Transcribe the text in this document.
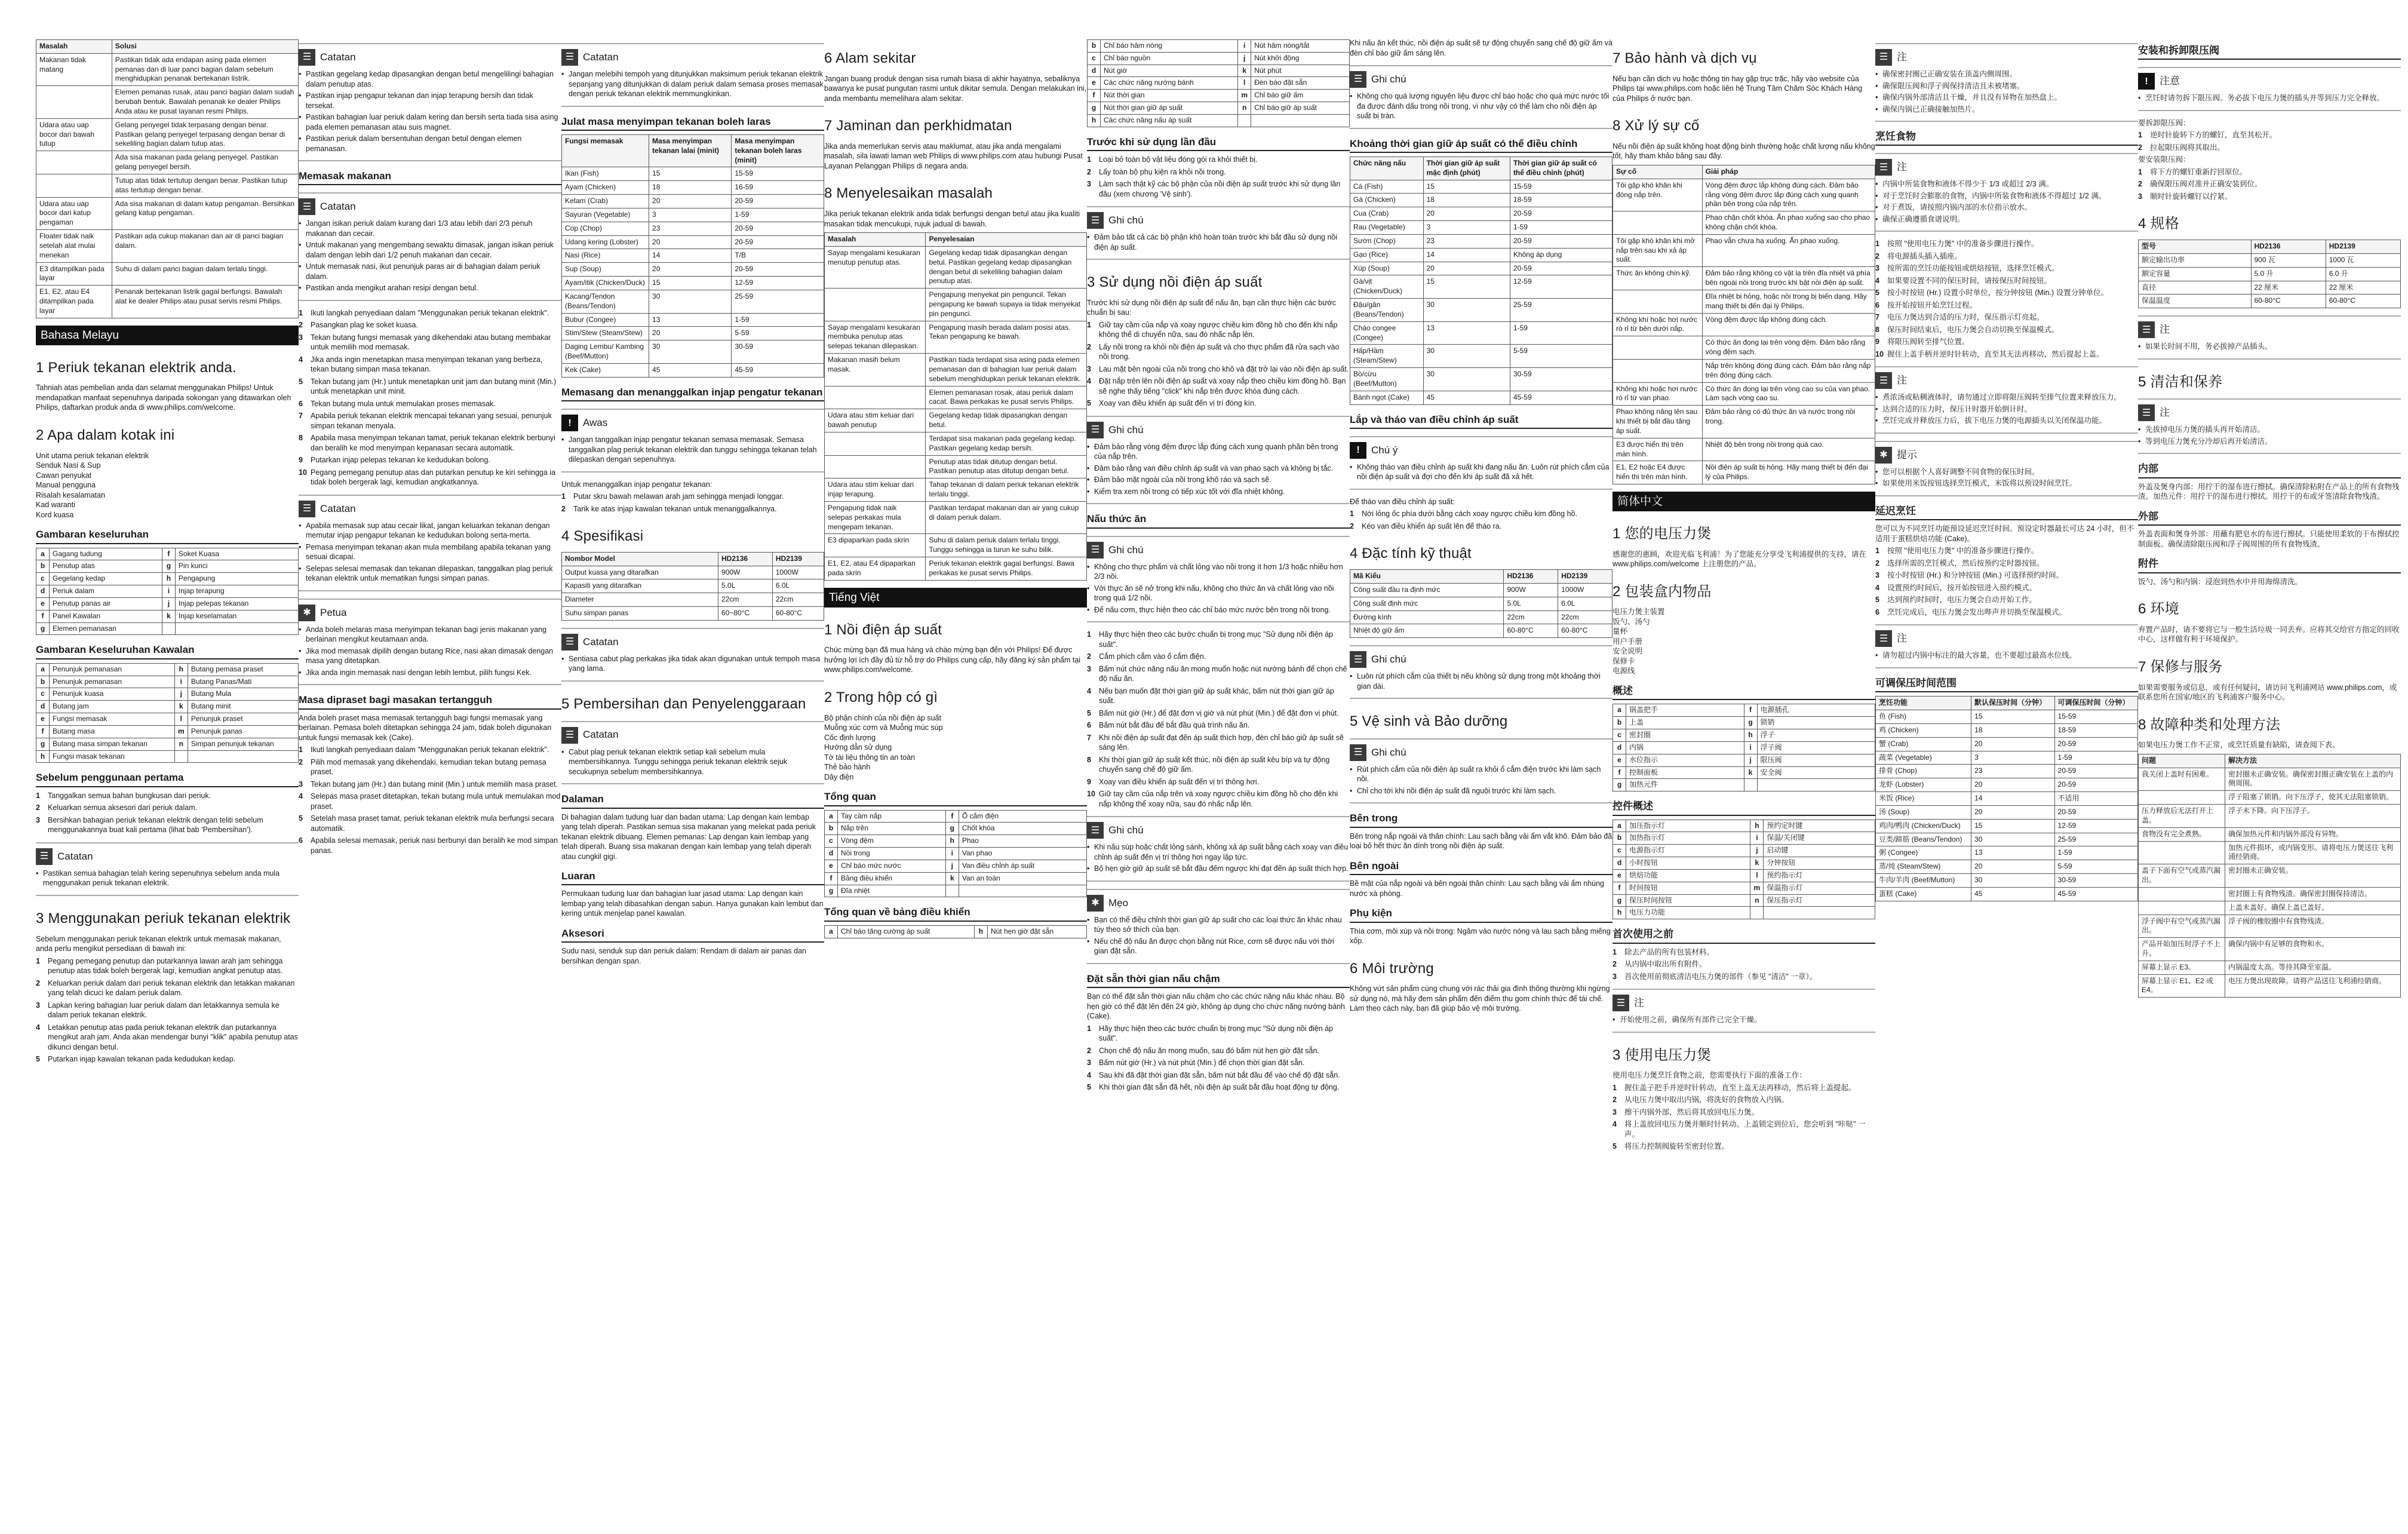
Masalah	Solusi
Makanan tidak matang	Pastikan tidak ada endapan asing pada elemen pemanas dan di luar panci bagian dalam sebelum menghidupkan penanak bertekanan listrik.
	Elemen pemanas rusak, atau panci bagian dalam sudah berubah bentuk. Bawalah penanak ke dealer Philips Anda atau ke pusat layanan resmi Philips.
Udara atau uap bocor dari bawah tutup	Gelang penyegel tidak terpasang dengan benar. Pastikan gelang penyegel terpasang dengan benar di sekeliling bagian dalam tutup atas.
	Ada sisa makanan pada gelang penyegel. Pastikan gelang penyegel bersih.
	Tutup atas tidak tertutup dengan benar. Pastikan tutup atas tertutup dengan benar.
Udara atau uap bocor dari katup pengaman	Ada sisa makanan di dalam katup pengaman. Bersihkan gelang katup pengaman.
Floater tidak naik setelah alat mulai menekan	Pastikan ada cukup makanan dan air di panci bagian dalam.
E3 ditampilkan pada layar	Suhu di dalam panci bagian dalam terlalu tinggi.
E1, E2, atau E4 ditampilkan pada layar	Penanak bertekanan listrik gagal berfungsi. Bawalah alat ke dealer Philips atau pusat servis resmi Philips.
Bahasa Melayu
1 Periuk tekanan elektrik anda.

Tahniah atas pembelian anda dan selamat menggunakan Philips! Untuk mendapatkan manfaat sepenuhnya daripada sokongan yang ditawarkan oleh Philips, daftarkan produk anda di www.philips.com/welcome.

2 Apa dalam kotak ini
Unit utama periuk tekanan elektrik
Senduk Nasi & Sup
Cawan penyukat
Manual pengguna
Risalah kesalamatan
Kad waranti
Kord kuasa
Gambaran keseluruhan
a	Gagang tudung	f	Soket Kuasa
b	Penutup atas	g	Pin kunci
c	Gegelang kedap	h	Pengapung
d	Periuk dalam	i	Injap terapung
e	Penutup panas air	j	Injap pelepas tekanan
f	Panel Kawalan	k	Injap keselamatan
g	Elemen pemanasan		
Gambaran Keseluruhan Kawalan
a	Penunjuk pemanasan	h	Butang pemasa praset
b	Penunjuk pemanasan	i	Butang Panas/Mati
c	Penunjuk kuasa	j	Butang Mula
d	Butang jam	k	Butang minit
e	Fungsi memasak	l	Penunjuk praset
f	Butang masa	m	Penunjuk panas
g	Butang masa simpan tekanan	n	Simpan penunjuk tekanan
h	Fungsi masak tekanan		
Sebelum penggunaan pertama
1 Tanggalkan semua bahan bungkusan dari periuk.
2 Keluarkan semua aksesori dari periuk dalam.
3 Bersihkan bahagian periuk tekanan elektrik dengan teliti sebelum menggunakannya buat kali pertama (lihat bab 'Pembersihan').
☰ Catatan
• Pastikan semua bahagian telah kering sepenuhnya sebelum anda mula menggunakan periuk tekanan elektrik.
3 Menggunakan periuk tekanan elektrik

Sebelum menggunakan periuk tekanan elektrik untuk memasak makanan, anda perlu mengikut persediaan di bawah ini:

1 Pegang pemegang penutup dan putarkannya lawan arah jam sehingga penutup atas tidak boleh bergerak lagi, kemudian angkat penutup atas.
2 Keluarkan periuk dalam dari periuk tekanan elektrik dan letakkan makanan yang telah dicuci ke dalam periuk dalam.
3 Lapkan kering bahagian luar periuk dalam dan letakkannya semula ke dalam periuk tekanan elektrik.
4 Letakkan penutup atas pada periuk tekanan elektrik dan putarkannya mengikut arah jam. Anda akan mendengar bunyi "klik" apabila penutup atas dikunci dengan betul.
5 Putarkan injap kawalan tekanan pada kedudukan kedap.
☰ Catatan
• Pastikan gegelang kedap dipasangkan dengan betul mengelilingi bahagian dalam penutup atas.
• Pastikan injap pengapur tekanan dan injap terapung bersih dan tidak tersekat.
• Pastikan bahagian luar periuk dalam kering dan bersih serta tiada sisa asing pada elemen pemanasan atau suis magnet.
• Pastikan periuk dalam bersentuhan dengan betul dengan elemen pemanasan.
Memasak makanan
☰ Catatan
• Jangan isikan periuk dalam kurang dari 1/3 atau lebih dari 2/3 penuh makanan dan cecair.
• Untuk makanan yang mengembang sewaktu dimasak, jangan isikan periuk dalam dengan lebih dari 1/2 penuh makanan dan cecair.
• Untuk memasak nasi, ikut penunjuk paras air di bahagian dalam periuk dalam.
• Pastikan anda mengikut arahan resipi dengan betul.
1 Ikuti langkah penyediaan dalam "Menggunakan periuk tekanan elektrik".
2 Pasangkan plag ke soket kuasa.
3 Tekan butang fungsi memasak yang dikehendaki atau butang membakar untuk memilih mod memasak.
4 Jika anda ingin menetapkan masa menyimpan tekanan yang berbeza, tekan butang simpan masa tekanan.
5 Tekan butang jam (Hr.) untuk menetapkan unit jam dan butang minit (Min.) untuk menetapkan unit minit.
6 Tekan butang mula untuk memulakan proses memasak.
7 Apabila periuk tekanan elektrik mencapai tekanan yang sesuai, penunjuk simpan tekanan menyala.
8 Apabila masa menyimpan tekanan tamat, periuk tekanan elektrik berbunyi dan beralih ke mod menyimpan kepanasan secara automatik.
9 Putarkan injap pelepas tekanan ke kedudukan bolong.
10 Pegang pemegang penutup atas dan putarkan penutup ke kiri sehingga ia tidak boleh bergerak lagi, kemudian angkatkannya.
☰ Catatan
• Apabila memasak sup atau cecair likat, jangan keluarkan tekanan dengan memutar injap pengapur tekanan ke kedudukan bolong serta-merta.
• Pemasa menyimpan tekanan akan mula membilang apabila tekanan yang sesuai dicapai.
• Selepas selesai memasak dan tekanan dilepaskan, tanggalkan plag periuk tekanan elektrik untuk mematikan fungsi simpan panas.
✱ Petua
• Anda boleh melaras masa menyimpan tekanan bagi jenis makanan yang berlainan mengikut keutamaan anda.
• Jika mod memasak dipilih dengan butang Rice, nasi akan dimasak dengan masa yang ditetapkan.
• Jika anda ingin memasak nasi dengan lebih lembut, pilih fungsi Kek.
Masa dipraset bagi masakan tertangguh

Anda boleh praset masa memasak tertangguh bagi fungsi memasak yang berlainan. Pemasa boleh ditetapkan sehingga 24 jam, tidak boleh digunakan untuk fungsi memasak kek (Cake).

1 Ikuti langkah penyediaan dalam "Menggunakan periuk tekanan elektrik".
2 Pilih mod memasak yang dikehendaki, kemudian tekan butang pemasa praset.
3 Tekan butang jam (Hr.) dan butang minit (Min.) untuk memilih masa praset.
4 Selepas masa praset ditetapkan, tekan butang mula untuk memulakan mod praset.
5 Setelah masa praset tamat, periuk tekanan elektrik mula berfungsi secara automatik.
6 Apabila selesai memasak, periuk nasi berbunyi dan beralih ke mod simpan panas.
☰ Catatan
• Jangan melebihi tempoh yang ditunjukkan maksimum periuk tekanan elektrik sepanjang yang ditunjukkan di dalam periuk dalam semasa proses memasak dengan periuk tekanan elektrik memmungkinkan.
Julat masa menyimpan tekanan boleh laras
Fungsi memasak	Masa menyimpan tekanan lalai (minit)	Masa menyimpan tekanan boleh laras (minit)
Ikan (Fish)	15	15-59
Ayam (Chicken)	18	16-59
Ketam (Crab)	20	20-59
Sayuran (Vegetable)	3	1-59
Cop (Chop)	23	20-59
Udang kering (Lobster)	20	20-59
Nasi (Rice)	14	T/B
Sup (Soup)	20	20-59
Ayam/itik (Chicken/Duck)	15	12-59
Kacang/Tendon (Beans/Tendon)	30	25-59
Bubur (Congee)	13	1-59
Stim/Stew (Steam/Stew)	20	5-59
Daging Lembu/ Kambing (Beef/Mutton)	30	30-59
Kek (Cake)	45	45-59
Memasang dan menanggalkan injap pengatur tekanan
!	Awas
• Jangan tanggalkan injap pengatur tekanan semasa memasak. Semasa tanggalkan plag periuk tekanan elektrik dan tunggu sehingga tekanan telah dilepaskan dengan sepenuhnya.

Untuk menanggalkan injap pengatur tekanan:

1 Putar skru bawah melawan arah jam sehingga menjadi longgar.
2 Tarik ke atas injap kawalan tekanan untuk menanggalkannya.
4 Spesifikasi
Nombor Model	HD2136	HD2139
Output kuasa yang ditarafkan	900W	1000W
Kapasiti yang ditarafkan	5.0L	6.0L
Diameter	22cm	22cm
Suhu simpan panas	60~80°C	60-80°C
☰ Catatan
• Sentiasa cabut plag perkakas jika tidak akan digunakan untuk tempoh masa yang lama.
5 Pembersihan dan Penyelenggaraan
☰ Catatan
• Cabut plag periuk tekanan elektrik setiap kali sebelum mula membersihkannya. Tunggu sehingga periuk tekanan elektrik sejuk secukupnya sebelum membersihkannya.
Dalaman

Di bahagian dalam tudung luar dan badan utama: Lap dengan kain lembap yang telah diperah. Pastikan semua sisa makanan yang melekat pada periuk tekanan elektrik dibuang. Elemen pemanas: Lap dengan kain lembap yang telah diperah. Buang sisa makanan dengan kain lembap yang telah diperah atau cungkil gigi.

Luaran

Permukaan tudung luar dan bahagian luar jasad utama: Lap dengan kain lembap yang telah dibasahkan dengan sabun. Hanya gunakan kain lembut dan kering untuk menjelap panel kawalan.

Aksesori

Sudu nasi, senduk sup dan periuk dalam: Rendam di dalam air panas dan bersihkan dengan span.

6 Alam sekitar

Jangan buang produk dengan sisa rumah biasa di akhir hayatnya, sebaliknya bawanya ke pusat pungutan rasmi untuk dikitar semula. Dengan melakukan ini, anda membantu memelihara alam sekitar.

7 Jaminan dan perkhidmatan

Jika anda memerlukan servis atau maklumat, atau jika anda mengalami masalah, sila lawati laman web Philips di www.philips.com atau hubungi Pusat Layanan Pelanggan Philips di negara anda.

8 Menyelesaikan masalah

Jika periuk tekanan elektrik anda tidak berfungsi dengan betul atau jika kualiti masakan tidak mencukupi, rujuk jadual di bawah.

Masalah	Penyelesaian
Sayap mengalami kesukaran menutup penutup atas.	Gegelang kedap tidak dipasangkan dengan betul. Pastikan gegelang kedap dipasangkan dengan betul di sekeliling bahagian dalam penutup atas.
	Pengapung menyekat pin penguncil. Tekan pengapung ke bawah supaya ia tidak menyekat pin pengunci.
Sayap mengalami kesukaran membuka penutup atas selepas tekanan dilepaskan.	Pengapung masih berada dalam posisi atas. Tekan pengapung ke bawah.
Makanan masih belum masak.	Pastikan tiada terdapat sisa asing pada elemen pemanasan dan di bahagian luar periuk dalam sebelum menghidupkan periuk tekanan elektrik.
	Elemen pemanasan rosak, atau periuk dalam cacat. Bawa perkakas ke pusat servis Philips.
Udara atau stim keluar dari bawah penutup	Gegelang kedap tidak dipasangkan dengan betul.
	Terdapat sisa makanan pada gegelang kedap. Pastikan gegelang kedap bersih.
	Penutup atas tidak ditutup dengan betul. Pastikan penutup atas ditutup dengan betul.
Udara atau stim keluar dari injap terapung.	Tahap tekanan di dalam periuk tekanan elektrik terlalu tinggi.
Pengapung tidak naik selepas perkakas mula mengepam tekanan.	Pastikan terdapat makanan dan air yang cukup di dalam periuk dalam.
E3 dipaparkan pada skrin	Suhu di dalam periuk dalam terlalu tinggi. Tunggu sehingga ia turun ke suhu bilik.
E1, E2, atau E4 dipaparkan pada skrin	Periuk tekanan elektrik gagal berfungsi. Bawa perkakas ke pusat servis Philips.
Tiếng Việt
1 Nồi điện áp suất

Chúc mừng bạn đã mua hàng và chào mừng bạn đến với Philips! Để được hưởng lợi ích đầy đủ từ hỗ trợ do Philips cung cấp, hãy đăng ký sản phẩm tại www.philips.com/welcome.

2 Trong hộp có gì
Bộ phận chính của nồi điện áp suất
Muỗng xúc cơm và Muỗng múc súp
Cốc định lượng
Hướng dẫn sử dụng
Tờ tài liệu thông tin an toàn
Thẻ bảo hành
Dây điện
Tổng quan
a	Tay cầm nắp	f	Ổ cắm điện
b	Nắp trên	g	Chốt khóa
c	Vòng đệm	h	Phao
d	Nồi trong	i	Van phao
e	Chỉ báo mức nước	j	Van điều chỉnh áp suất
f	Bảng điều khiển	k	Van an toàn
g	Đĩa nhiệt		
Tổng quan về bảng điều khiển
a	Chỉ báo tăng cường áp suất	h	Nút hẹn giờ đặt sẵn
b	Chỉ báo hâm nóng	i	Nút hâm nóng/tắt
c	Chỉ báo nguồn	j	Nút khởi động
d	Nút giờ	k	Nút phút
e	Các chức năng nướng bánh	l	Đèn báo đặt sẵn
f	Nút thời gian	m	Chỉ báo giữ ấm
g	Nút thời gian giữ áp suất	n	Chỉ báo giữ áp suất
h	Các chức năng nấu áp suất		
Trước khi sử dụng lần đầu
1 Loại bỏ toàn bộ vật liệu đóng gói ra khỏi thiết bị.
2 Lấy toàn bộ phụ kiện ra khỏi nồi trong.
3 Làm sạch thật kỹ các bộ phận của nồi điện áp suất trước khi sử dụng lần đầu (xem chương 'Vệ sinh').
☰ Ghi chú
• Đảm bảo tất cả các bộ phận khô hoàn toàn trước khi bắt đầu sử dụng nồi điện áp suất.
3 Sử dụng nồi điện áp suất

Trước khi sử dụng nồi điện áp suất để nấu ăn, bạn cần thực hiện các bước chuẩn bị sau:

1 Giữ tay cầm của nắp và xoay ngược chiều kim đồng hồ cho đến khi nắp không thể di chuyển nữa, sau đó nhấc nắp lên.
2 Lấy nồi trong ra khỏi nồi điện áp suất và cho thực phẩm đã rửa sạch vào nồi trong.
3 Lau mặt bên ngoài của nồi trong cho khô và đặt trở lại vào nồi điện áp suất.
4 Đặt nắp trên lên nồi điện áp suất và xoay nắp theo chiều kim đồng hồ. Bạn sẽ nghe thấy tiếng "click" khi nắp trên được khóa đúng cách.
5 Xoay van điều khiển áp suất đến vị trí đóng kín.
☰ Ghi chú
• Đảm bảo rằng vòng đệm được lắp đúng cách xung quanh phần bên trong của nắp trên.
• Đảm bảo rằng van điều chỉnh áp suất và van phao sạch và không bị tắc.
• Đảm bảo mặt ngoài của nồi trong khô ráo và sạch sẽ.
• Kiểm tra xem nồi trong có tiếp xúc tốt với đĩa nhiệt không.
Nấu thức ăn
☰ Ghi chú
• Không cho thực phẩm và chất lỏng vào nồi trong ít hơn 1/3 hoặc nhiều hơn 2/3 nồi.
• Với thực ăn sẽ nở trong khi nấu, không cho thức ăn và chất lỏng vào nồi trong quá 1/2 nồi.
• Để nấu cơm, thực hiện theo các chỉ báo mức nước bên trong nồi trong.
1 Hãy thực hiện theo các bước chuẩn bị trong mục "Sử dụng nồi điện áp suất".
2 Cắm phích cắm vào ổ cắm điện.
3 Bấm nút chức năng nấu ăn mong muốn hoặc nút nướng bánh để chọn chế độ nấu ăn.
4 Nếu bạn muốn đặt thời gian giữ áp suất khác, bấm nút thời gian giữ áp suất.
5 Bấm nút giờ (Hr.) để đặt đơn vị giờ và nút phút (Min.) để đặt đơn vị phút.
6 Bấm nút bắt đầu để bắt đầu quá trình nấu ăn.
7 Khi nồi điện áp suất đạt đến áp suất thích hợp, đèn chỉ báo giữ áp suất sẽ sáng lên.
8 Khi thời gian giữ áp suất kết thúc, nồi điện áp suất kêu bíp và tự động chuyển sang chế độ giữ ấm.
9 Xoay van điều khiển áp suất đến vị trí thông hơi.
10 Giữ tay cầm của nắp trên và xoay ngược chiều kim đồng hồ cho đến khi nắp không thể xoay nữa, sau đó nhấc nắp lên.
☰ Ghi chú
• Khi nấu súp hoặc chất lỏng sánh, không xả áp suất bằng cách xoay van điều chỉnh áp suất đến vị trí thông hơi ngay lập tức.
• Bộ hẹn giờ giữ áp suất sẽ bắt đầu đếm ngược khi đạt đến áp suất thích hợp.
✱ Mẹo
• Bạn có thể điều chỉnh thời gian giữ áp suất cho các loại thức ăn khác nhau tùy theo sở thích của bạn.
• Nếu chế độ nấu ăn được chọn bằng nút Rice, cơm sẽ được nấu với thời gian đặt sẵn.
Đặt sẵn thời gian nấu chậm

Bạn có thể đặt sẵn thời gian nấu chậm cho các chức năng nấu khác nhau. Bộ hẹn giờ có thể đặt lên đến 24 giờ, không áp dụng cho chức năng nướng bánh (Cake).

1 Hãy thực hiện theo các bước chuẩn bị trong mục "Sử dụng nồi điện áp suất".
2 Chọn chế độ nấu ăn mong muốn, sau đó bấm nút hẹn giờ đặt sẵn.
3 Bấm nút giờ (Hr.) và nút phút (Min.) để chọn thời gian đặt sẵn.
4 Sau khi đã đặt thời gian đặt sẵn, bấm nút bắt đầu để vào chế độ đặt sẵn.
5 Khi thời gian đặt sẵn đã hết, nồi điện áp suất bắt đầu hoạt động tự động.

Khi nấu ăn kết thúc, nồi điện áp suất sẽ tự động chuyển sang chế độ giữ ấm và đèn chỉ báo giữ ấm sáng lên.

☰ Ghi chú
• Không cho quá lượng nguyên liệu được chỉ báo hoặc cho quá mức nước tối đa được đánh dấu trong nồi trong, vì như vậy có thể làm cho nồi điện áp suất bị tràn.
Khoảng thời gian giữ áp suất có thể điều chỉnh
Chức năng nấu	Thời gian giữ áp suất mặc định (phút)	Thời gian giữ áp suất có thể điều chỉnh (phút)
Cá (Fish)	15	15-59
Gà (Chicken)	18	18-59
Cua (Crab)	20	20-59
Rau (Vegetable)	3	1-59
Sườn (Chop)	23	20-59
Gạo (Rice)	14	Không áp dụng
Xúp (Soup)	20	20-59
Gà/vịt (Chicken/Duck)	15	12-59
Đậu/gân (Beans/Tendon)	30	25-59
Cháo congee (Congee)	13	1-59
Hấp/Hầm (Steam/Stew)	30	5-59
Bò/cừu (Beef/Mutton)	30	30-59
Bánh ngọt (Cake)	45	45-59
Lắp và tháo van điều chỉnh áp suất
!	Chú ý
• Không tháo van điều chỉnh áp suất khi đang nấu ăn. Luôn rút phích cắm của nồi điện áp suất và đợi cho đến khi áp suất đã xả hết.

Để tháo van điều chỉnh áp suất:

1 Nới lỏng ốc phía dưới bằng cách xoay ngược chiều kim đồng hồ.
2 Kéo van điều khiển áp suất lên để tháo ra.
4 Đặc tính kỹ thuật
Mã Kiểu	HD2136	HD2139
Công suất đầu ra định mức	900W	1000W
Công suất định mức	5.0L	6.0L
Đường kính	22cm	22cm
Nhiệt độ giữ ấm	60-80°C	60-80°C
☰ Ghi chú
• Luôn rút phích cắm của thiết bị nếu không sử dụng trong một khoảng thời gian dài.
5 Vệ sinh và Bảo dưỡng
☰ Ghi chú
• Rút phích cắm của nồi điện áp suất ra khỏi ổ cắm điện trước khi làm sạch nồi.
• Chỉ cho tới khi nồi điện áp suất đã nguội trước khi làm sạch.
Bên trong

Bên trong nắp ngoài và thân chính: Lau sạch bằng vải ẩm vắt khô. Đảm bảo đã loại bỏ hết thức ăn dính trong nồi điện áp suất.

Bên ngoài

Bề mặt của nắp ngoài và bên ngoài thân chính: Lau sạch bằng vải ẩm nhúng nước xà phòng.

Phụ kiện

Thìa cơm, môi xúp và nồi trong: Ngâm vào nước nóng và lau sạch bằng miếng xốp.

6 Môi trường

Không vứt sản phẩm cùng chung với rác thải gia đình thông thường khi ngừng sử dụng nó, mà hãy đem sản phẩm đến điểm thu gom chính thức để tái chế. Làm theo cách này, bạn đã giúp bảo vệ môi trường.

7 Bảo hành và dịch vụ

Nếu bạn cần dịch vụ hoặc thông tin hay gặp trục trặc, hãy vào website của Philips tại www.philips.com hoặc liên hệ Trung Tâm Chăm Sóc Khách Hàng của Philips ở nước bạn.

8 Xử lý sự cố

Nếu nồi điện áp suất không hoạt động bình thường hoặc chất lượng nấu không tốt, hãy tham khảo bảng sau đây.

Sự cố	Giải pháp
Tôi gặp khó khăn khi đóng nắp trên.	Vòng đệm được lắp không đúng cách. Đảm bảo rằng vòng đệm được lắp đúng cách xung quanh phần bên trong của nắp trên.
	Phao chặn chốt khóa. Ấn phao xuống sao cho phao không chặn chốt khóa.
Tôi gặp khó khăn khi mở nắp trên sau khi xả áp suất.	Phao vẫn chưa hạ xuống. Ấn phao xuống.
Thức ăn không chín kỹ.	Đảm bảo rằng không có vật lạ trên đĩa nhiệt và phía bên ngoài nồi trong trước khi bật nồi điện áp suất.
	Đĩa nhiệt bị hỏng, hoặc nồi trong bị biến dạng. Hãy mang thiết bị đến đại lý Philips.
Không khí hoặc hơi nước rò rỉ từ bên dưới nắp.	Vòng đệm được lắp không đúng cách.
	Có thức ăn đọng lại trên vòng đệm. Đảm bảo rằng vòng đệm sạch.
	Nắp trên không đóng đúng cách. Đảm bảo rằng nắp trên đóng đúng cách.
Không khí hoặc hơi nước rò rỉ từ van phao.	Có thức ăn đọng lại trên vòng cao su của van phao. Làm sạch vòng cao su.
Phao không nâng lên sau khi thiết bị bắt đầu tăng áp suất.	Đảm bảo rằng có đủ thức ăn và nước trong nồi trong.
E3 được hiển thị trên màn hình.	Nhiệt độ bên trong nồi trong quá cao.
E1, E2 hoặc E4 được hiển thị trên màn hình.	Nồi điện áp suất bị hỏng. Hãy mang thiết bị đến đại lý của Philips.
简体中文
1 您的电压力煲

感谢您的惠顾，欢迎光临飞利浦！为了您能充分享受飞利浦提供的支持，请在 www.philips.com/welcome 上注册您的产品。

2 包装盒内物品
电压力煲主装置
饭勺、汤勺
量杯
用户手册
安全说明
保修卡
电源线
概述
a	锅盖把手	f	电源插孔
b	上盖	g	锁销
c	密封圈	h	浮子
d	内锅	i	浮子阀
e	水位指示	j	限压阀
f	控制面板	k	安全阀
g	加热元件		
控件概述
a	加压指示灯	h	预约定时键
b	加热指示灯	i	保温/关闭键
c	电源指示灯	j	启动键
d	小时按钮	k	分钟按钮
e	烘焙功能	l	预约指示灯
f	时间按钮	m	保温指示灯
g	保压时间按钮	n	保压指示灯
h	电压力功能		
首次使用之前
1 除去产品的所有包装材料。
2 从内锅中取出所有附件。
3 首次使用前彻底清洁电压力煲的部件（参见 "清洁" 一章）。
☰ 注
• 开始使用之前，确保所有部件已完全干燥。
3 使用电压力煲

使用电压力煲烹饪食物之前，您需要执行下面的准备工作：

1 握住盖子把手并逆时针转动，直至上盖无法再移动，然后将上盖提起。
2 从电压力煲中取出内锅，将洗好的食物放入内锅。
3 擦干内锅外部，然后将其放回电压力煲。
4 将上盖放回电压力煲并顺时针转动。上盖锁定到位后，您会听到 "咔哒" 一声。
5 将压力控制阀旋转至密封位置。
☰ 注
• 确保密封圈已正确安装在顶盖内侧周围。
• 确保限压阀和浮子阀保持清洁且未被堵塞。
• 确保内锅外部清洁且干燥，并且没有异物在加热盘上。
• 确保内锅已正确接触加热片。
烹饪食物
☰ 注
• 内锅中所装食物和液体不得少于 1/3 或超过 2/3 满。
• 对于烹饪时会膨胀的食物，内锅中所装食物和液体不得超过 1/2 满。
• 对于煮饭，请按照内锅内部的水位指示放水。
• 确保正确遵循食谱说明。
1 按照 "使用电压力煲" 中的准备步骤进行操作。
2 将电源插头插入插座。
3 按所需的烹饪功能按钮或烘焙按钮，选择烹饪模式。
4 如果要设置不同的保压时间，请按保压时间按钮。
5 按小时按钮 (Hr.) 设置小时单位，按分钟按钮 (Min.) 设置分钟单位。
6 按开始按钮开始烹饪过程。
7 电压力煲达到合适的压力时，保压指示灯亮起。
8 保压时间结束后，电压力煲会自动切换至保温模式。
9 将限压阀转至排气位置。
10 握住上盖手柄并逆时针转动，直至其无法再移动，然后提起上盖。
☰ 注
• 煮浓汤或粘稠液体时，请勿通过立即将限压阀转至排气位置来释放压力。
• 达到合适的压力时，保压计时器开始倒计时。
• 烹饪完成并释放压力后，拔下电压力煲的电源插头以关闭保温功能。
✱ 提示
• 您可以根据个人喜好调整不同食物的保压时间。
• 如果使用米饭按钮选择烹饪模式，米饭将以预设时间烹饪。
延迟烹饪

您可以为不同烹饪功能预设延迟烹饪时间。预设定时器最长可达 24 小时，但不适用于蛋糕烘焙功能 (Cake)。

1 按照 "使用电压力煲" 中的准备步骤进行操作。
2 选择所需的烹饪模式，然后按预约定时器按钮。
3 按小时按钮 (Hr.) 和分钟按钮 (Min.) 可选择预约时间。
4 设置预约时间后，按开始按钮进入预约模式。
5 达到预约时间时，电压力煲会自动开始工作。
6 烹饪完成后，电压力煲会发出哔声并切换至保温模式。
☰ 注
• 请勿超过内锅中标注的最大容量，也不要超过最高水位线。
可调保压时间范围
烹饪功能	默认保压时间（分钟）	可调保压时间（分钟）
鱼 (Fish)	15	15-59
鸡 (Chicken)	18	18-59
蟹 (Crab)	20	20-59
蔬菜 (Vegetable)	3	1-59
排骨 (Chop)	23	20-59
龙虾 (Lobster)	20	20-59
米饭 (Rice)	14	不适用
汤 (Soup)	20	20-59
鸡肉/鸭肉 (Chicken/Duck)	15	12-59
豆类/蹄筋 (Beans/Tendon)	30	25-59
粥 (Congee)	13	1-59
蒸/炖 (Steam/Stew)	20	5-59
牛肉/羊肉 (Beef/Mutton)	30	30-59
蛋糕 (Cake)	45	45-59
安装和拆卸限压阀
!	注意
• 烹饪时请勿拆下限压阀。务必拔下电压力煲的插头并等到压力完全释放。

要拆卸限压阀：

1 逆时针旋转下方的螺钉，直至其松开。
2 拉起限压阀将其取出。

要安装限压阀：

1 将下方的螺钉重新拧回原位。
2 确保限压阀对准并正确安装到位。
3 顺时针旋转螺钉以拧紧。
4 规格
型号	HD2136	HD2139
额定输出功率	900 瓦	1000 瓦
额定容量	5.0 升	6.0 升
直径	22 厘米	22 厘米
保温温度	60-80°C	60-80°C
☰ 注
• 如果长时间不用，务必拔掉产品插头。
5 清洁和保养
☰ 注
• 先拔掉电压力煲的插头再开始清洁。
• 等到电压力煲充分冷却后再开始清洁。
内部

外盖及煲身内部：用拧干的湿布进行擦拭。确保清除粘附在产品上的所有食物残渣。加热元件：用拧干的湿布进行擦拭。用拧干的布或牙签清除食物残渣。

外部

外盖表面和煲身外部：用蘸有肥皂水的布进行擦拭。只能使用柔软的干布擦拭控制面板。确保清除限压阀和浮子阀周围的所有食物残渣。

附件

饭勺、汤勺和内锅：浸泡到热水中并用海绵清洗。

6 环境

弃置产品时，请不要将它与一般生活垃圾一同丢弃。应将其交给官方指定的回收中心，这样做有利于环境保护。

7 保修与服务

如果需要服务或信息，或有任何疑问，请访问飞利浦网站 www.philips.com，或联系您所在国家/地区的飞利浦客户服务中心。

8 故障种类和处理方法

如果电压力煲工作不正常，或烹饪质量有缺陷，请查阅下表。

问题	解决方法
我关闭上盖时有困难。	密封圈未正确安装。确保密封圈正确安装在上盖的内侧周围。
	浮子阻塞了锁销。向下压浮子，使其无法阻塞锁销。
压力释放后无法打开上盖。	浮子未下降。向下压浮子。
食物没有完全煮熟。	确保加热元件和内锅外部没有异物。
	加热元件损坏，或内锅变形。请将电压力煲送往飞利浦经销商。
盖子下面有空气或蒸汽漏出。	密封圈未正确安装。
	密封圈上有食物残渣。确保密封圈保持清洁。
	上盖未盖好。确保上盖已盖好。
浮子阀中有空气或蒸汽漏出。	浮子阀的橡胶圈中有食物残渣。
产品开始加压时浮子不上升。	确保内锅中有足够的食物和水。
屏幕上显示 E3。	内锅温度太高。等待其降至室温。
屏幕上显示 E1、E2 或 E4。	电压力煲出现故障。请将产品送往飞利浦经销商。
